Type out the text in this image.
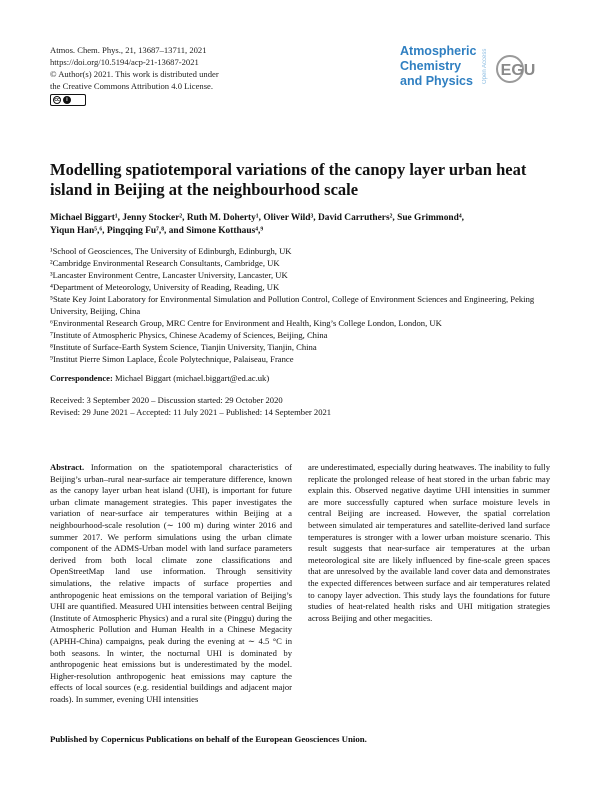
Atmos. Chem. Phys., 21, 13687–13711, 2021
https://doi.org/10.5194/acp-21-13687-2021
© Author(s) 2021. This work is distributed under
the Creative Commons Attribution 4.0 License.
cc	i
Atmospheric
Chemistry
and Physics	Open Access EGU
Modelling spatiotemporal variations of the canopy layer urban heat island in Beijing at the neighbourhood scale
Michael Biggart¹, Jenny Stocker², Ruth M. Doherty¹, Oliver Wild³, David Carruthers², Sue Grimmond⁴,
Yiqun Han⁵,⁶, Pingqing Fu⁷,⁸, and Simone Kotthaus⁴,⁹
¹School of Geosciences, The University of Edinburgh, Edinburgh, UK
²Cambridge Environmental Research Consultants, Cambridge, UK
³Lancaster Environment Centre, Lancaster University, Lancaster, UK
⁴Department of Meteorology, University of Reading, Reading, UK
⁵State Key Joint Laboratory for Environmental Simulation and Pollution Control, College of Environment Sciences and Engineering, Peking University, Beijing, China
⁶Environmental Research Group, MRC Centre for Environment and Health, King’s College London, London, UK
⁷Institute of Atmospheric Physics, Chinese Academy of Sciences, Beijing, China
⁸Institute of Surface-Earth System Science, Tianjin University, Tianjin, China
⁹Institut Pierre Simon Laplace, École Polytechnique, Palaiseau, France
Correspondence: Michael Biggart (michael.biggart@ed.ac.uk)
Received: 3 September 2020 – Discussion started: 29 October 2020
Revised: 29 June 2021 – Accepted: 11 July 2021 – Published: 14 September 2021
Abstract. Information on the spatiotemporal characteristics of Beijing’s urban–rural near-surface air temperature difference, known as the canopy layer urban heat island (UHI), is important for future urban climate management strategies. This paper investigates the variation of near-surface air temperatures within Beijing at a neighbourhood-scale resolution (∼ 100 m) during winter 2016 and summer 2017. We perform simulations using the urban climate component of the ADMS-Urban model with land surface parameters derived from both local climate zone classifications and OpenStreetMap land use information. Through sensitivity simulations, the relative impacts of surface properties and anthropogenic heat emissions on the temporal variation of Beijing’s UHI are quantified. Measured UHI intensities between central Beijing (Institute of Atmospheric Physics) and a rural site (Pinggu) during the Atmospheric Pollution and Human Health in a Chinese Megacity (APHH-China) campaigns, peak during the evening at ∼ 4.5 °C in both seasons. In winter, the nocturnal UHI is dominated by anthropogenic heat emissions but is underestimated by the model. Higher-resolution anthropogenic heat emissions may capture the effects of local sources (e.g. residential buildings and adjacent major roads). In summer, evening UHI intensities
are underestimated, especially during heatwaves. The inability to fully replicate the prolonged release of heat stored in the urban fabric may explain this. Observed negative daytime UHI intensities in summer are more successfully captured when surface moisture levels in central Beijing are increased. However, the spatial correlation between simulated air temperatures and satellite-derived land surface temperatures is stronger with a lower urban moisture scenario. This result suggests that near-surface air temperatures at the urban meteorological site are likely influenced by fine-scale green spaces that are unresolved by the available land cover data and demonstrates the expected differences between surface and air temperatures related to canopy layer advection. This study lays the foundations for future studies of heat-related health risks and UHI mitigation strategies across Beijing and other megacities.
Published by Copernicus Publications on behalf of the European Geosciences Union.
